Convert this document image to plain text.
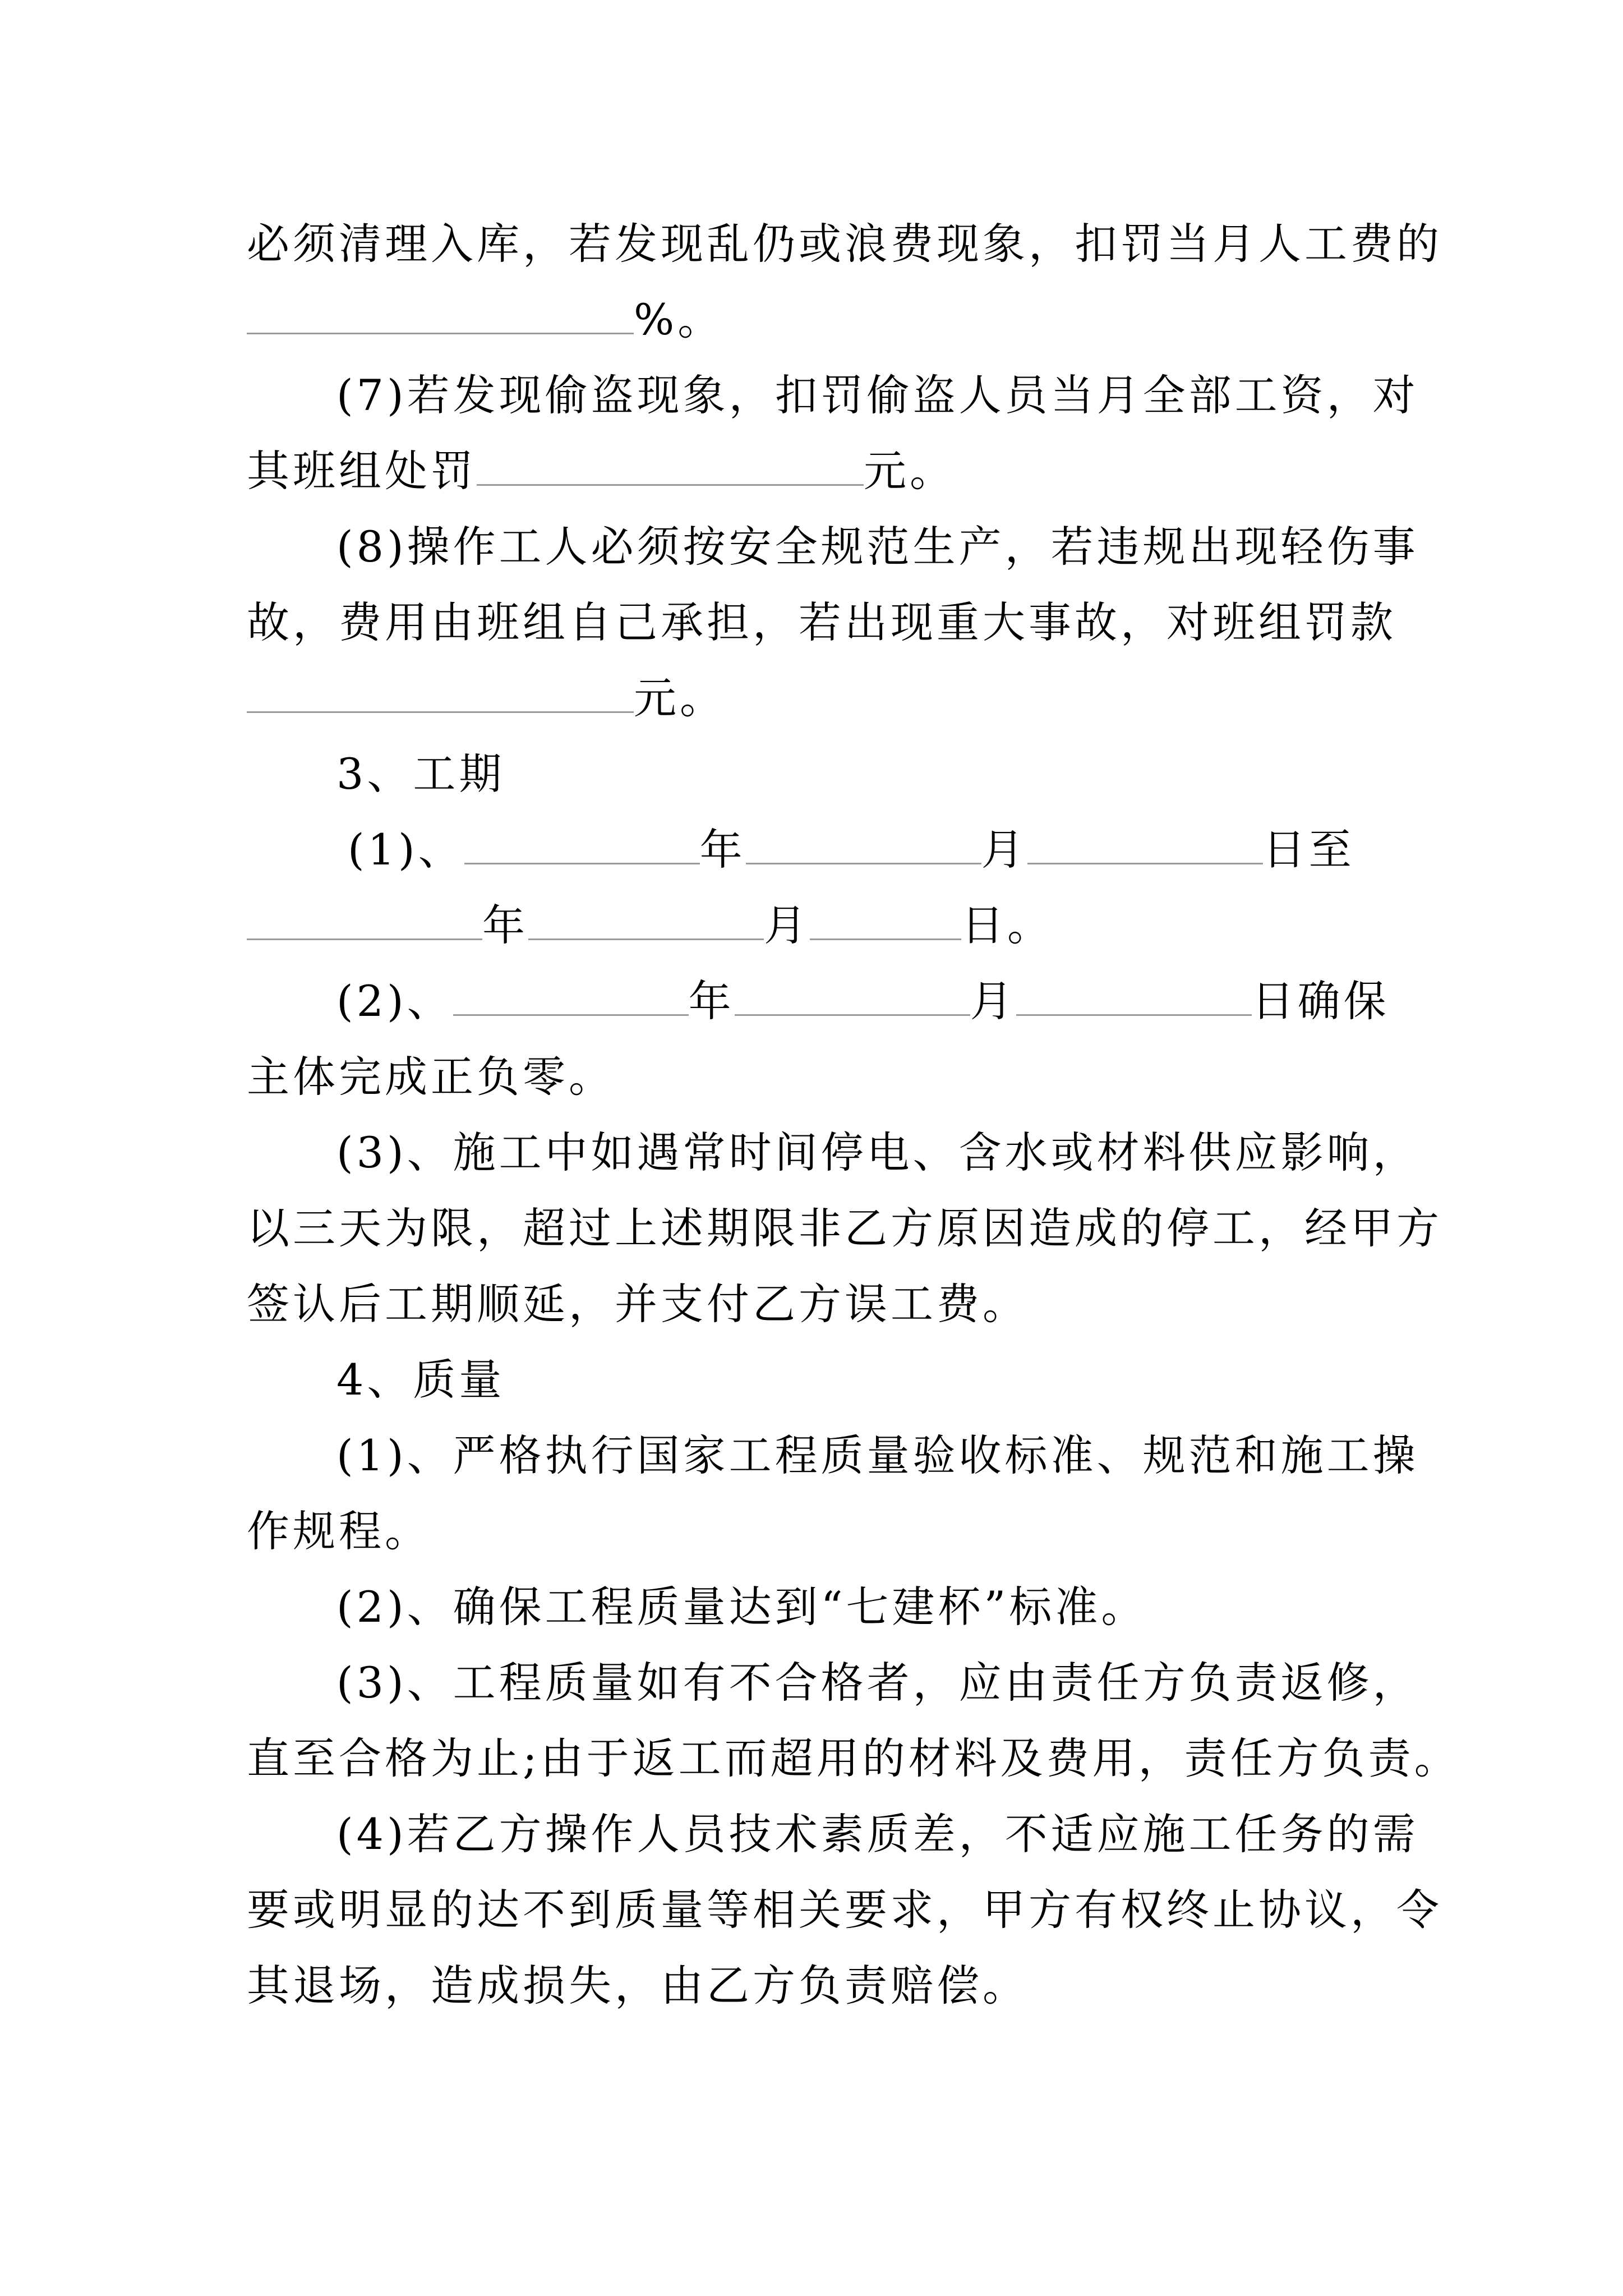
必须清理入库，若发现乱仍或浪费现象，扣罚当月人工费的
%。
(7)若发现偷盗现象，扣罚偷盗人员当月全部工资，对
其班组处罚	元。
(8)操作工人必须按安全规范生产，若违规出现轻伤事
故，费用由班组自己承担，若出现重大事故，对班组罚款
元。
3、工期
(1)、	年	月	日至
年	月	日。
(2)、	年	月	日确保
主体完成正负零。
(3)、施工中如遇常时间停电、含水或材料供应影响，
以三天为限，超过上述期限非乙方原因造成的停工，经甲方
签认后工期顺延，并支付乙方误工费。
4、质量
(1)、严格执行国家工程质量验收标准、规范和施工操
作规程。
(2)、确保工程质量达到“七建杯”标准。
(3)、工程质量如有不合格者，应由责任方负责返修，
直至合格为止;由于返工而超用的材料及费用，责任方负责。
(4)若乙方操作人员技术素质差，不适应施工任务的需
要或明显的达不到质量等相关要求，甲方有权终止协议，令
其退场，造成损失，由乙方负责赔偿。
